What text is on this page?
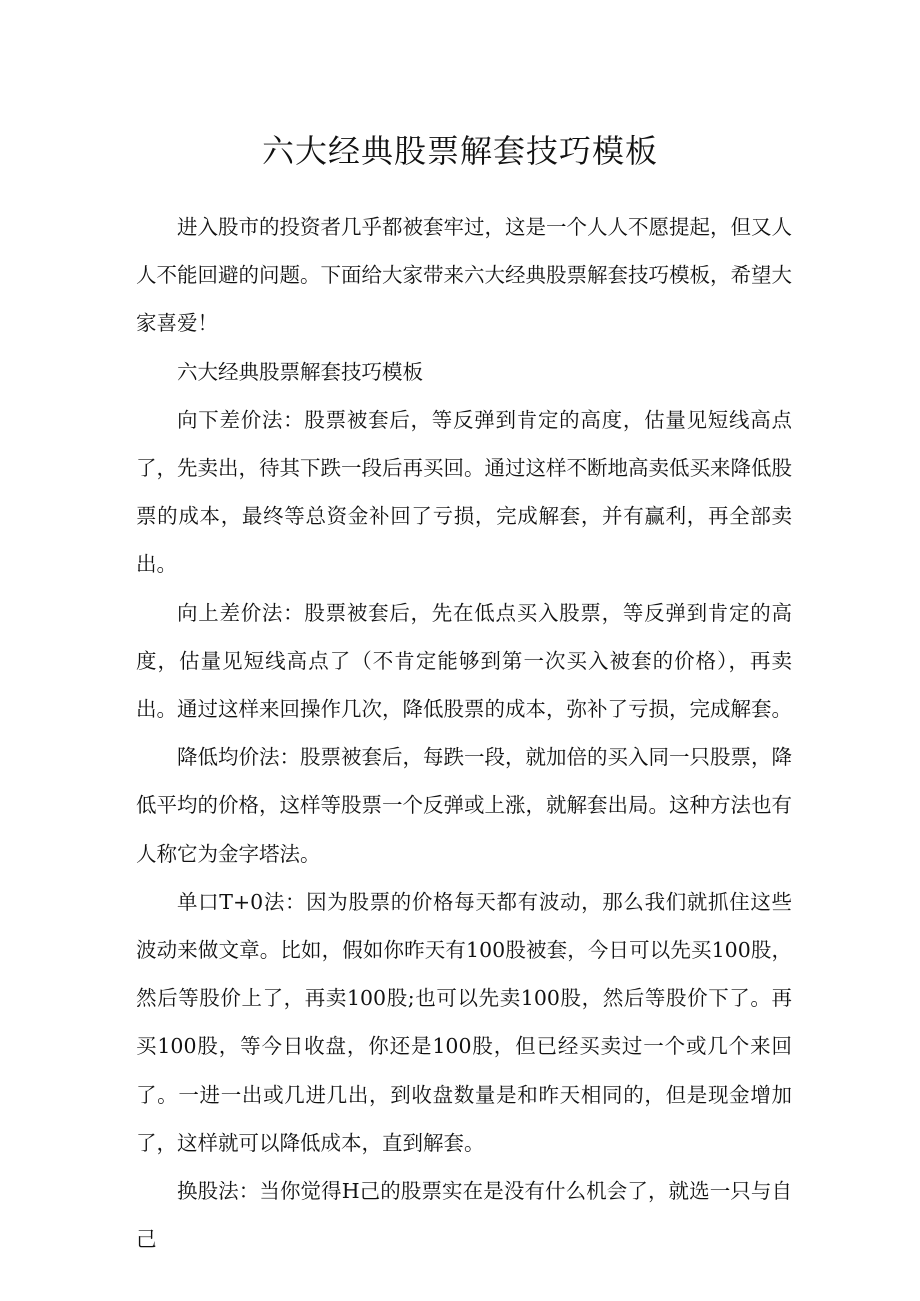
六大经典股票解套技巧模板

进入股市的投资者几乎都被套牢过，这是一个人人不愿提起，但又人人不能回避的问题。下面给大家带来六大经典股票解套技巧模板，希望大家喜爱！

六大经典股票解套技巧模板

向下差价法：股票被套后，等反弹到肯定的高度，估量见短线高点了，先卖出，待其下跌一段后再买回。通过这样不断地高卖低买来降低股票的成本，最终等总资金补回了亏损，完成解套，并有赢利，再全部卖出。

向上差价法：股票被套后，先在低点买入股票，等反弹到肯定的高度，估量见短线高点了（不肯定能够到第一次买入被套的价格），再卖出。通过这样来回操作几次，降低股票的成本，弥补了亏损，完成解套。

降低均价法：股票被套后，每跌一段，就加倍的买入同一只股票，降低平均的价格，这样等股票一个反弹或上涨，就解套出局。这种方法也有人称它为金字塔法。

单口T+0法：因为股票的价格每天都有波动，那么我们就抓住这些波动来做文章。比如，假如你昨天有100股被套，今日可以先买100股，然后等股价上了，再卖100股;也可以先卖100股，然后等股价下了。再买100股，等今日收盘，你还是100股，但已经买卖过一个或几个来回了。一进一出或几进几出，到收盘数量是和昨天相同的，但是现金增加了，这样就可以降低成本，直到解套。

换股法：当你觉得H己的股票实在是没有什么机会了，就选一只与自己
